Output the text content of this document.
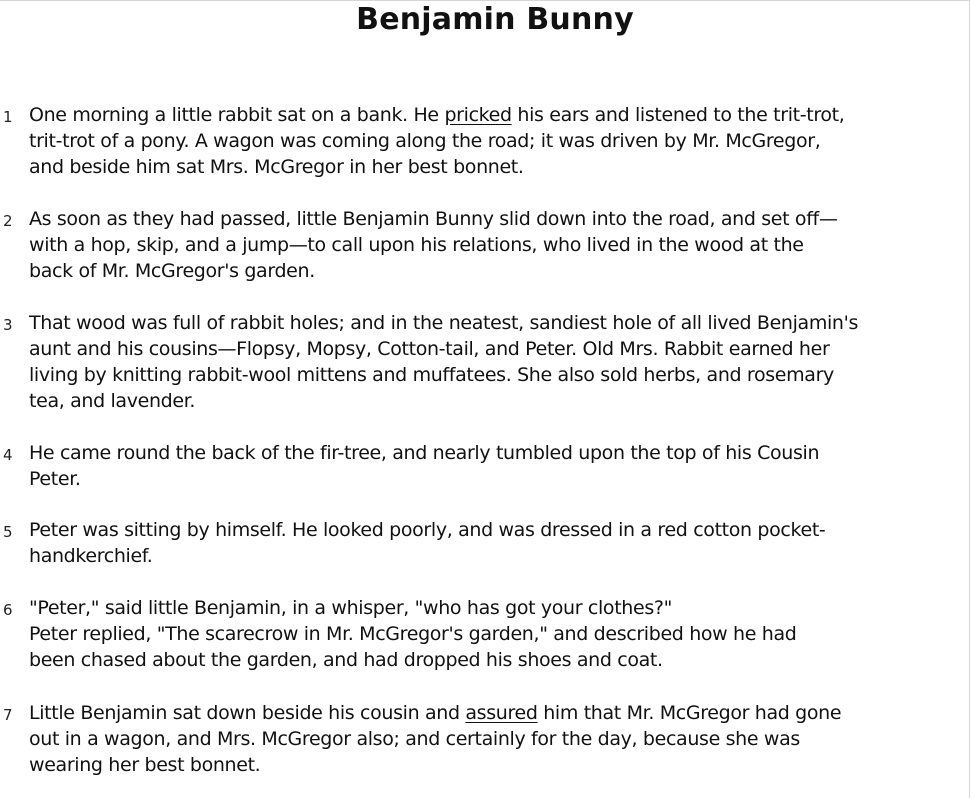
Benjamin Bunny
1 One morning a little rabbit sat on a bank. He pricked his ears and listened to the trit-trot,
trit-trot of a pony. A wagon was coming along the road; it was driven by Mr. McGregor,
and beside him sat Mrs. McGregor in her best bonnet.
2 As soon as they had passed, little Benjamin Bunny slid down into the road, and set off—
with a hop, skip, and a jump—to call upon his relations, who lived in the wood at the
back of Mr. McGregor's garden.
3 That wood was full of rabbit holes; and in the neatest, sandiest hole of all lived Benjamin's
aunt and his cousins—Flopsy, Mopsy, Cotton-tail, and Peter. Old Mrs. Rabbit earned her
living by knitting rabbit-wool mittens and muffatees. She also sold herbs, and rosemary
tea, and lavender.
4 He came round the back of the fir-tree, and nearly tumbled upon the top of his Cousin
Peter.
5 Peter was sitting by himself. He looked poorly, and was dressed in a red cotton pocket-
handkerchief.
6 "Peter," said little Benjamin, in a whisper, "who has got your clothes?"
Peter replied, "The scarecrow in Mr. McGregor's garden," and described how he had
been chased about the garden, and had dropped his shoes and coat.
7 Little Benjamin sat down beside his cousin and assured him that Mr. McGregor had gone
out in a wagon, and Mrs. McGregor also; and certainly for the day, because she was
wearing her best bonnet.
